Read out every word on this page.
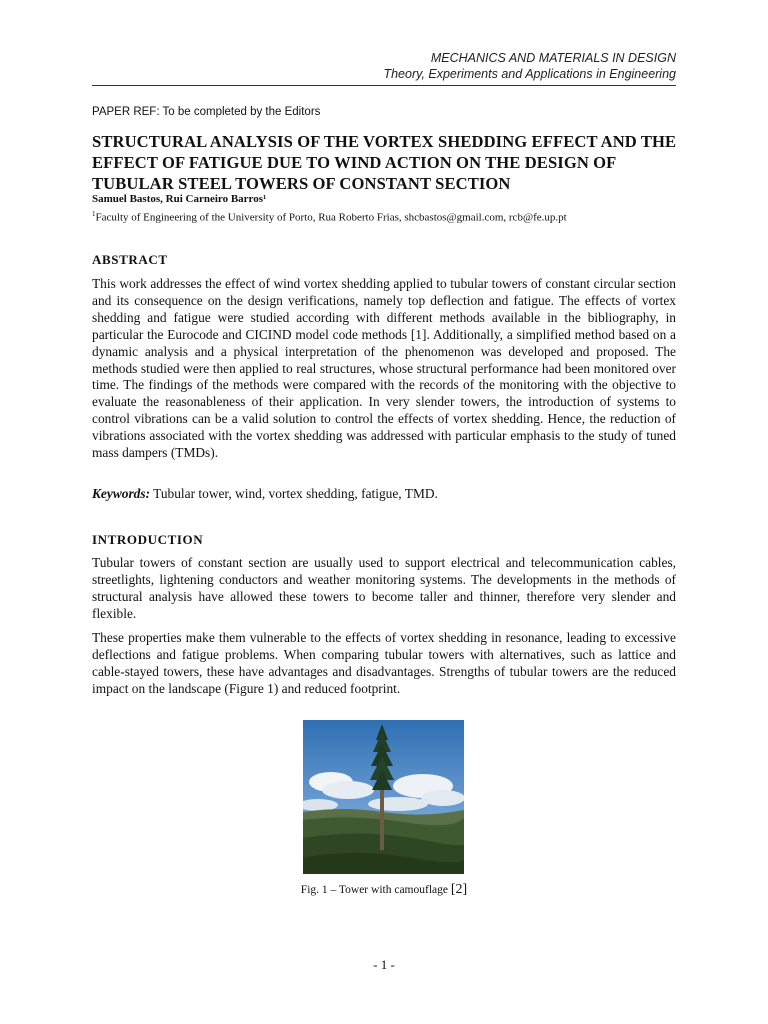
MECHANICS AND MATERIALS IN DESIGN
Theory, Experiments and Applications in Engineering
PAPER REF: To be completed by the Editors
STRUCTURAL ANALYSIS OF THE VORTEX SHEDDING EFFECT AND THE EFFECT OF FATIGUE DUE TO WIND ACTION ON THE DESIGN OF TUBULAR STEEL TOWERS OF CONSTANT SECTION
Samuel Bastos, Rui Carneiro Barros¹
$^1$Faculty of Engineering of the University of Porto, Rua Roberto Frias, shcbastos@gmail.com, rcb@fe.up.pt
ABSTRACT
This work addresses the effect of wind vortex shedding applied to tubular towers of constant circular section and its consequence on the design verifications, namely top deflection and fatigue. The effects of vortex shedding and fatigue were studied according with different methods available in the bibliography, in particular the Eurocode and CICIND model code methods [1]. Additionally, a simplified method based on a dynamic analysis and a physical interpretation of the phenomenon was developed and proposed. The methods studied were then applied to real structures, whose structural performance had been monitored over time. The findings of the methods were compared with the records of the monitoring with the objective to evaluate the reasonableness of their application. In very slender towers, the introduction of systems to control vibrations can be a valid solution to control the effects of vortex shedding. Hence, the reduction of vibrations associated with the vortex shedding was addressed with particular emphasis to the study of tuned mass dampers (TMDs).
Keywords: Tubular tower, wind, vortex shedding, fatigue, TMD.
INTRODUCTION
Tubular towers of constant section are usually used to support electrical and telecommunication cables, streetlights, lightening conductors and weather monitoring systems. The developments in the methods of structural analysis have allowed these towers to become taller and thinner, therefore very slender and flexible.
These properties make them vulnerable to the effects of vortex shedding in resonance, leading to excessive deflections and fatigue problems. When comparing tubular towers with alternatives, such as lattice and cable-stayed towers, these have advantages and disadvantages. Strengths of tubular towers are the reduced impact on the landscape (Figure 1) and reduced footprint.
Fig. 1 – Tower with camouflage [2]
- 1 -
